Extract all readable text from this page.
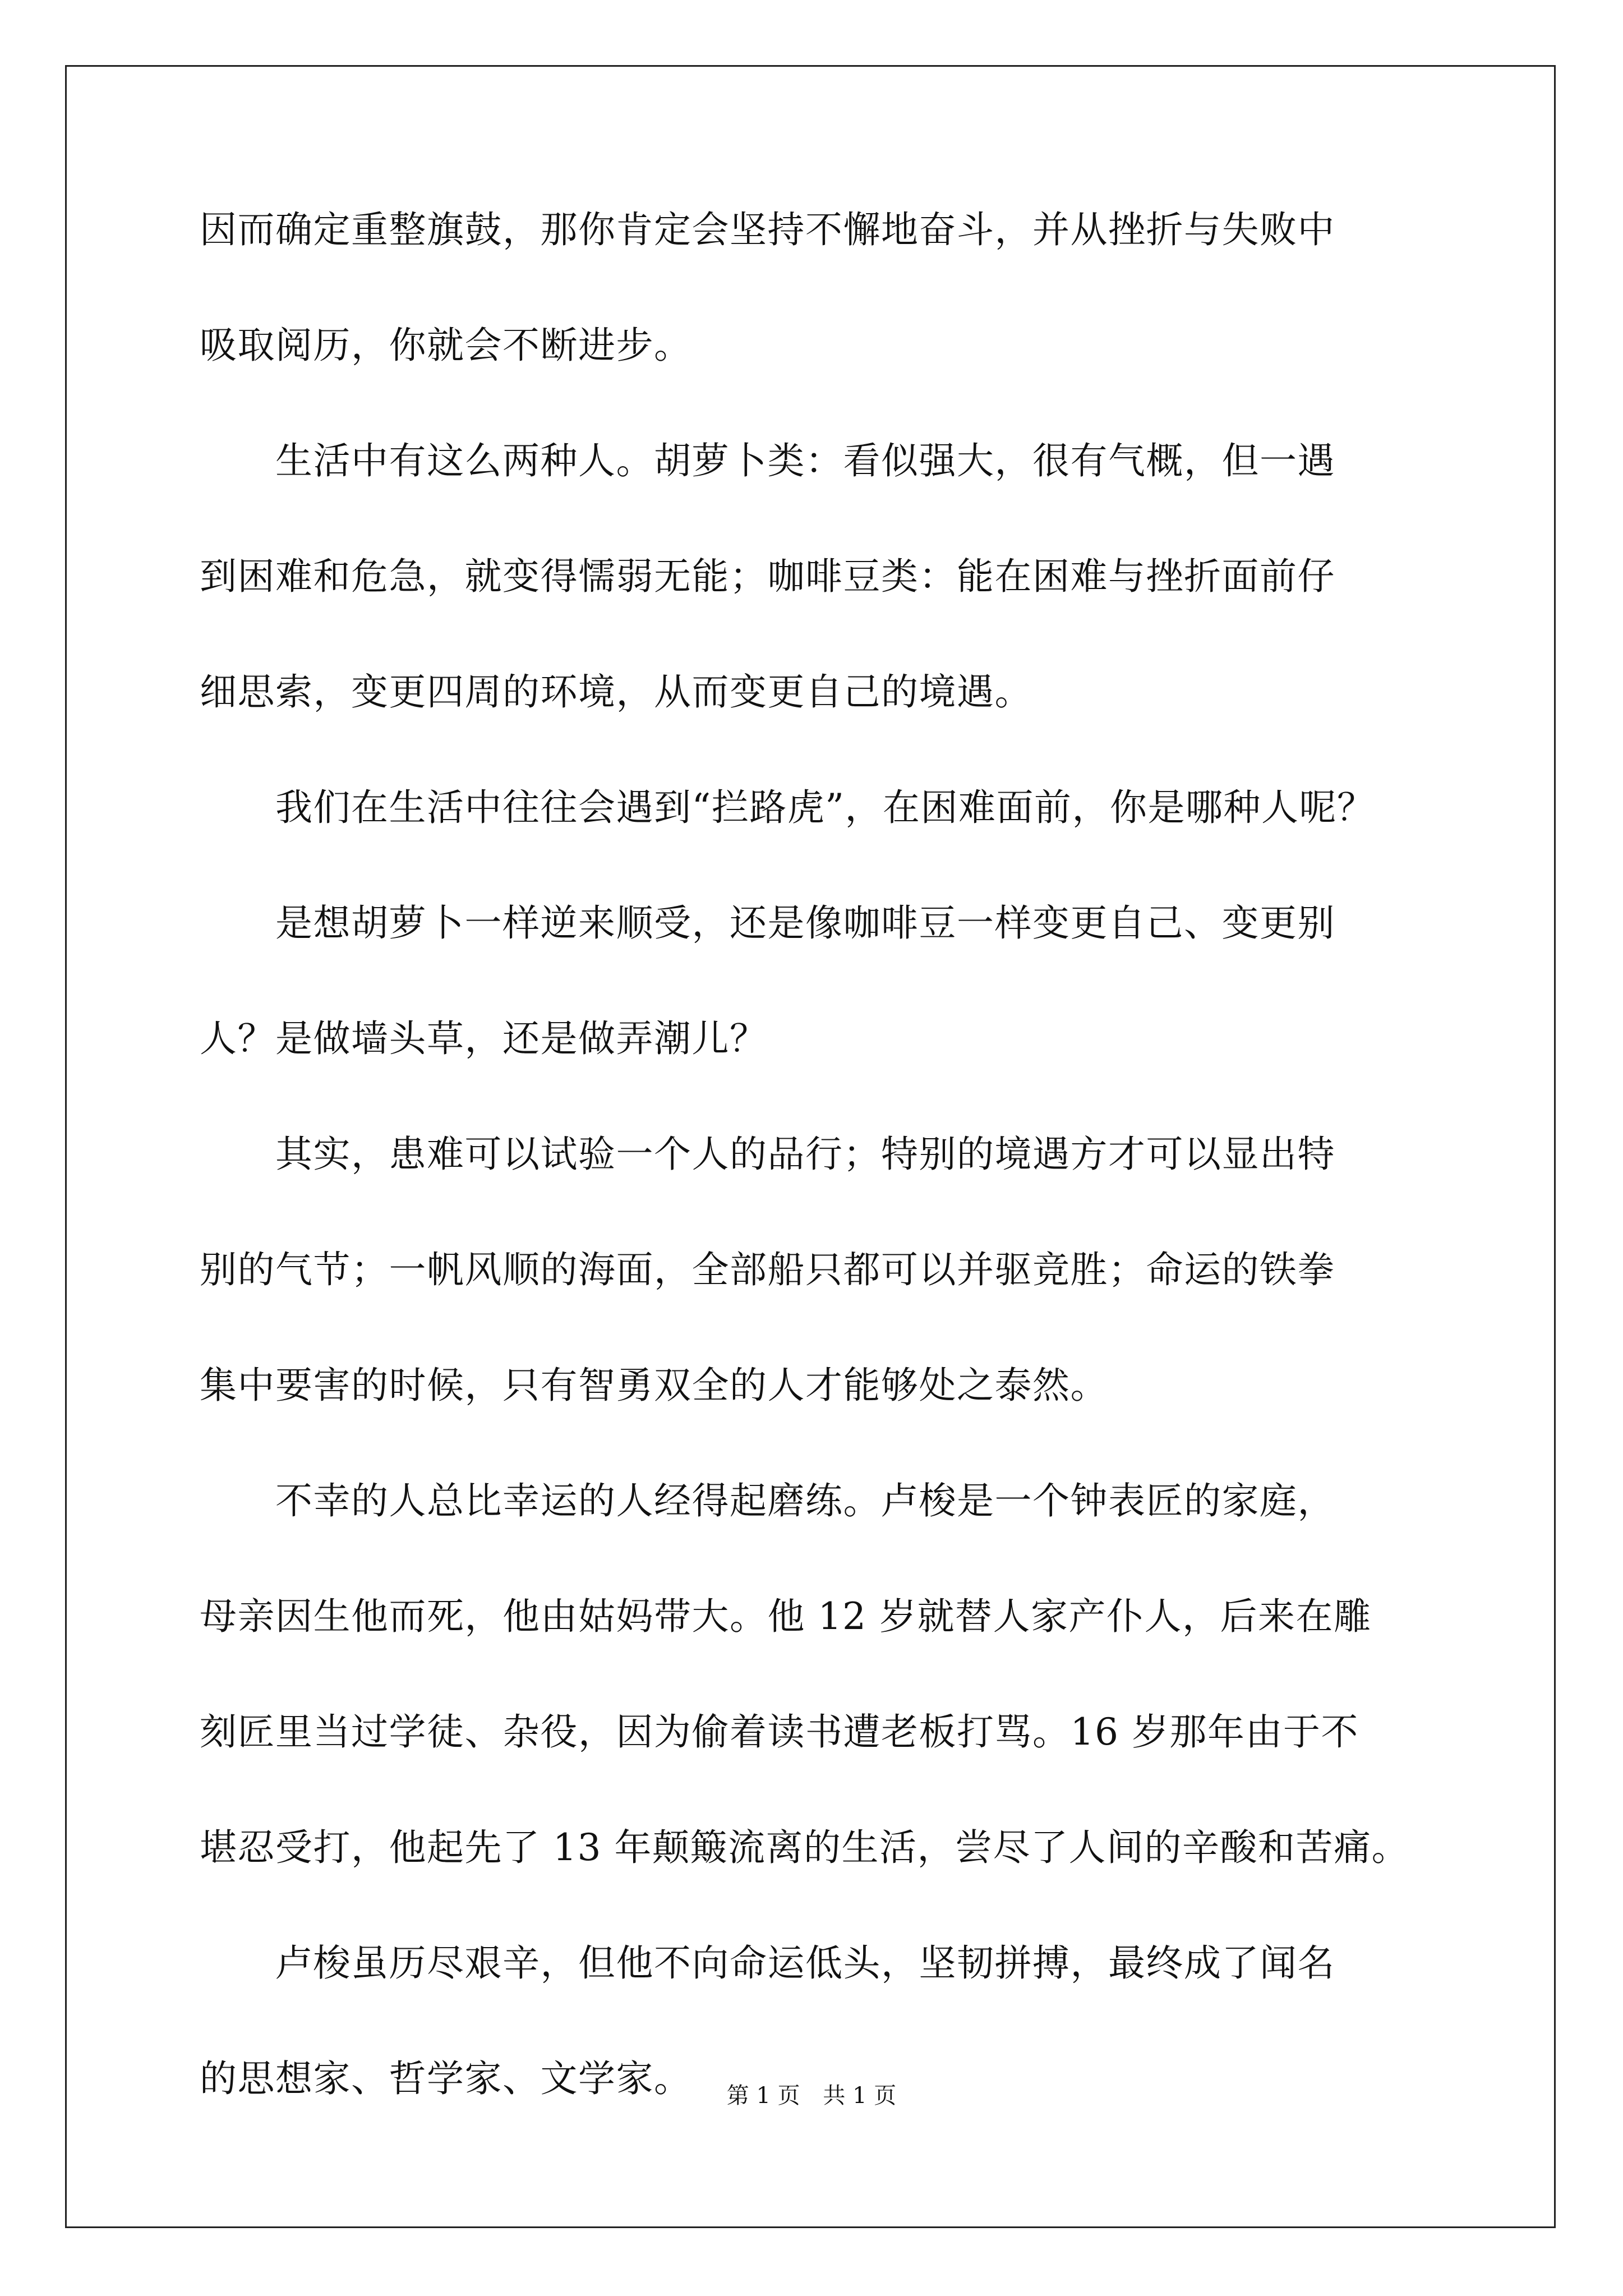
因而确定重整旗鼓，那你肯定会坚持不懈地奋斗，并从挫折与失败中
吸取阅历，你就会不断进步。
　　生活中有这么两种人。胡萝卜类：看似强大，很有气概，但一遇
到困难和危急，就变得懦弱无能；咖啡豆类：能在困难与挫折面前仔
细思索，变更四周的环境，从而变更自己的境遇。
　　我们在生活中往往会遇到“拦路虎”，在困难面前，你是哪种人呢？
　　是想胡萝卜一样逆来顺受，还是像咖啡豆一样变更自己、变更别
人？是做墙头草，还是做弄潮儿？
　　其实，患难可以试验一个人的品行；特别的境遇方才可以显出特
别的气节；一帆风顺的海面，全部船只都可以并驱竞胜；命运的铁拳
集中要害的时候，只有智勇双全的人才能够处之泰然。
　　不幸的人总比幸运的人经得起磨练。卢梭是一个钟表匠的家庭，
母亲因生他而死，他由姑妈带大。他 12 岁就替人家产仆人，后来在雕
刻匠里当过学徒、杂役，因为偷着读书遭老板打骂。16 岁那年由于不
堪忍受打，他起先了 13 年颠簸流离的生活，尝尽了人间的辛酸和苦痛。
　　卢梭虽历尽艰辛，但他不向命运低头，坚韧拼搏，最终成了闻名
的思想家、哲学家、文学家。	第 1 页 共 1 页
